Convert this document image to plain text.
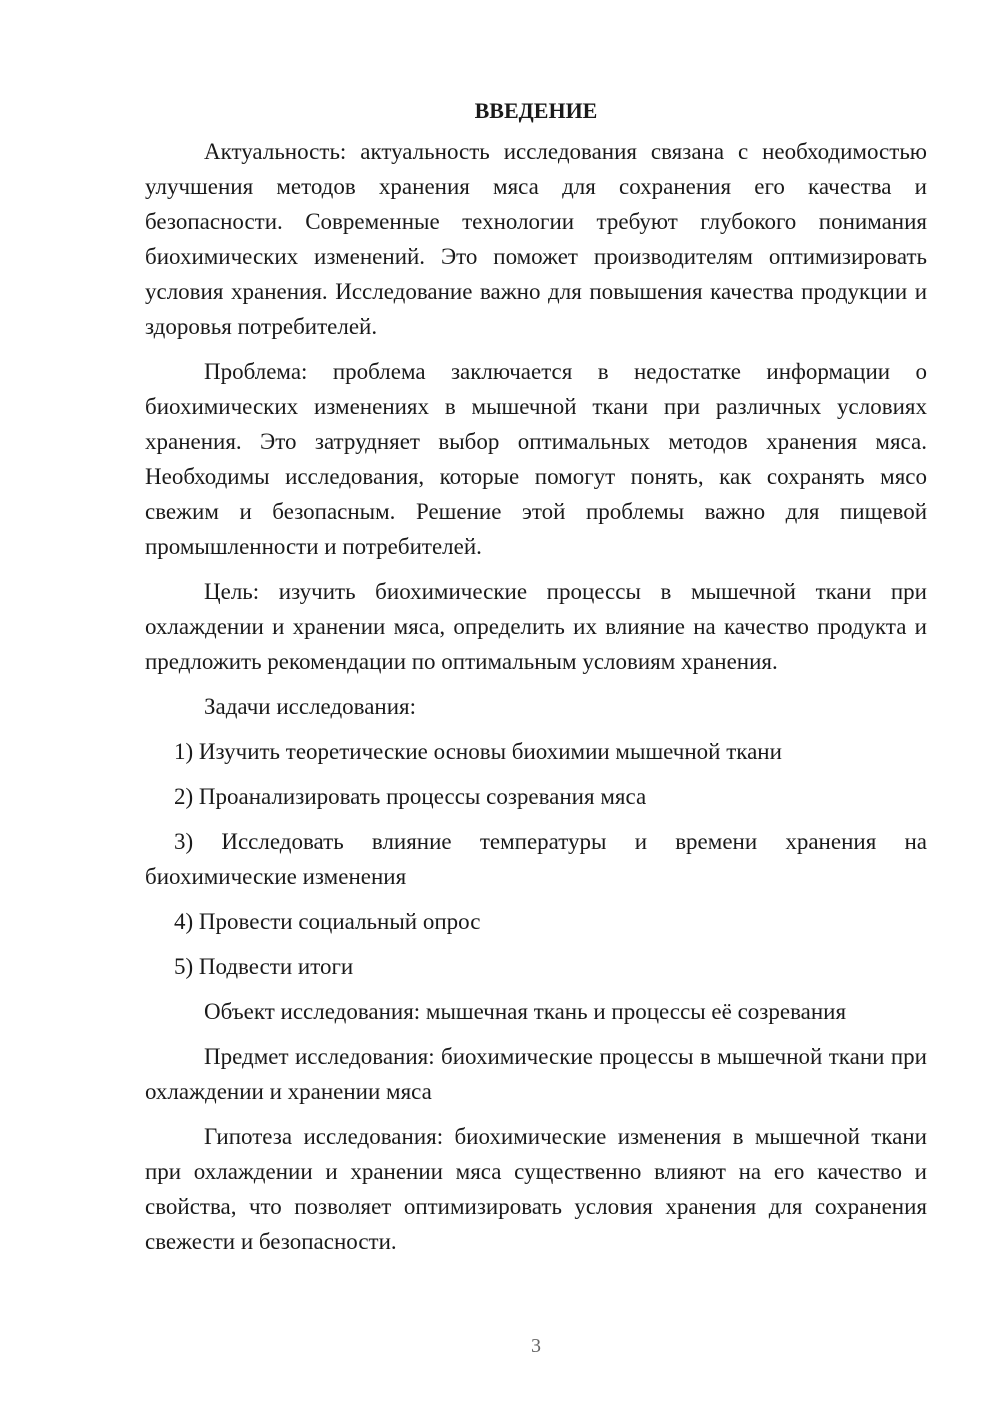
ВВЕДЕНИЕ

Актуальность: актуальность исследования связана с необходимостью улучшения методов хранения мяса для сохранения его качества и безопасности. Современные технологии требуют глубокого понимания биохимических изменений. Это поможет производителям оптимизировать условия хранения. Исследование важно для повышения качества продукции и здоровья потребителей.

Проблема: проблема заключается в недостатке информации о биохимических изменениях в мышечной ткани при различных условиях хранения. Это затрудняет выбор оптимальных методов хранения мяса. Необходимы исследования, которые помогут понять, как сохранять мясо свежим и безопасным. Решение этой проблемы важно для пищевой промышленности и потребителей.

Цель: изучить биохимические процессы в мышечной ткани при охлаждении и хранении мяса, определить их влияние на качество продукта и предложить рекомендации по оптимальным условиям хранения.

Задачи исследования:

1) Изучить теоретические основы биохимии мышечной ткани

2) Проанализировать процессы созревания мяса

3) Исследовать влияние температуры и времени хранения на биохимические изменения

4) Провести социальный опрос

5) Подвести итоги

Объект исследования: мышечная ткань и процессы её созревания

Предмет исследования: биохимические процессы в мышечной ткани при охлаждении и хранении мяса

Гипотеза исследования: биохимические изменения в мышечной ткани при охлаждении и хранении мяса существенно влияют на его качество и свойства, что позволяет оптимизировать условия хранения для сохранения свежести и безопасности.

3
